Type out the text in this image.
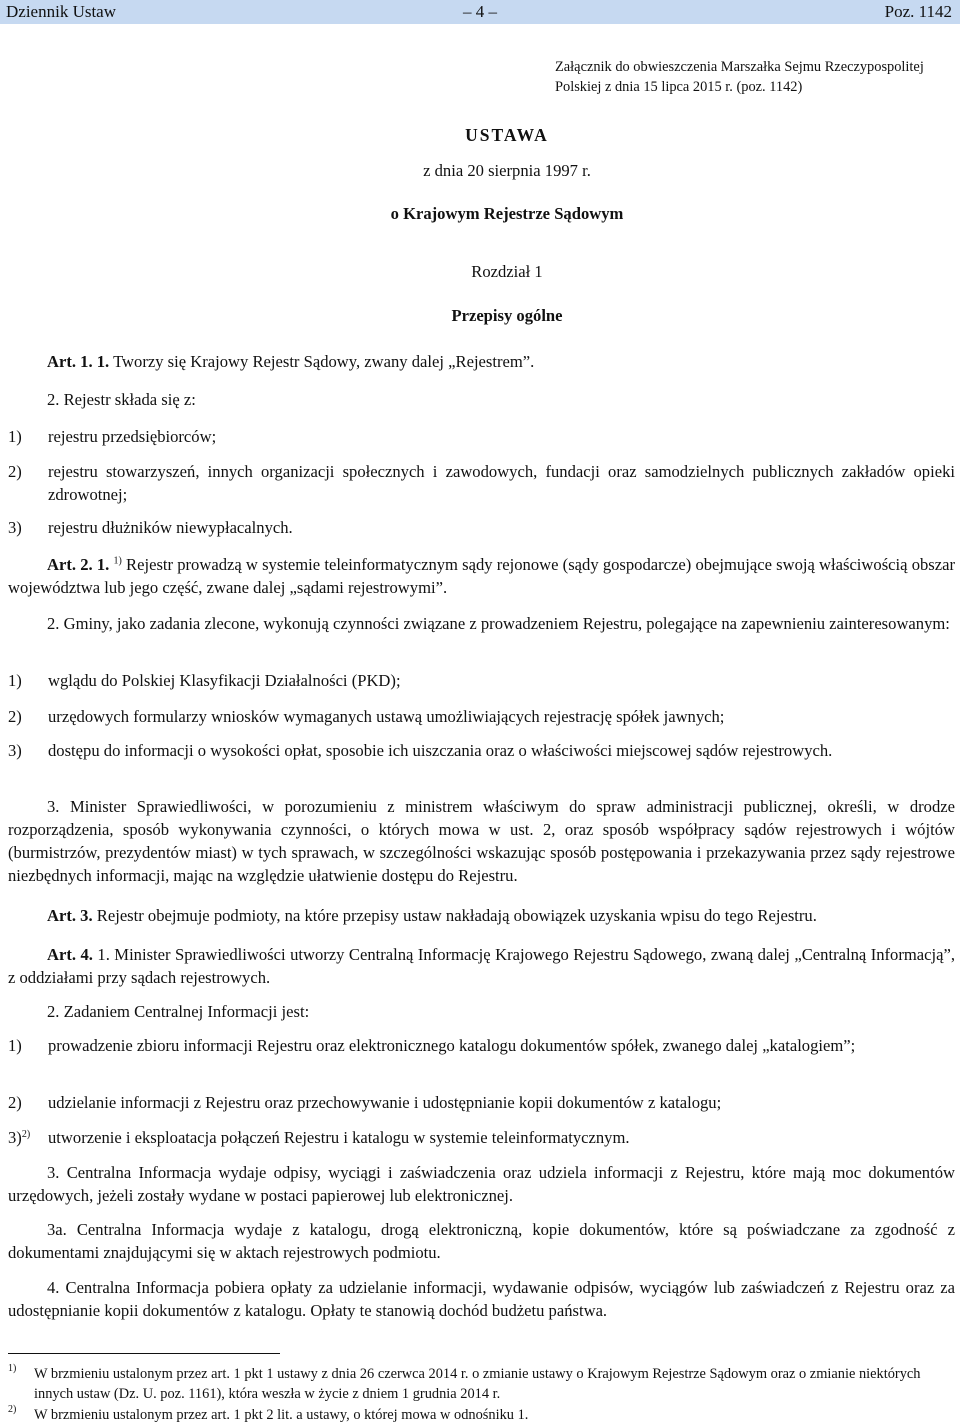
Dziennik Ustaw	– 4 –	Poz. 1142
Załącznik do obwieszczenia Marszałka Sejmu Rzeczypospolitej Polskiej z dnia 15 lipca 2015 r. (poz. 1142)
USTAWA
z dnia 20 sierpnia 1997 r.
o Krajowym Rejestrze Sądowym
Rozdział 1
Przepisy ogólne
Art. 1. 1. Tworzy się Krajowy Rejestr Sądowy, zwany dalej „Rejestrem”.
2. Rejestr składa się z:
1) rejestru przedsiębiorców;
2) rejestru stowarzyszeń, innych organizacji społecznych i zawodowych, fundacji oraz samodzielnych publicznych zakładów opieki zdrowotnej;
3) rejestru dłużników niewypłacalnych.
Art. 2. 1. $^{1)}$ Rejestr prowadzą w systemie teleinformatycznym sądy rejonowe (sądy gospodarcze) obejmujące swoją właściwością obszar województwa lub jego część, zwane dalej „sądami rejestrowymi”.
2. Gminy, jako zadania zlecone, wykonują czynności związane z prowadzeniem Rejestru, polegające na zapewnieniu zainteresowanym:
1) wglądu do Polskiej Klasyfikacji Działalności (PKD);
2) urzędowych formularzy wniosków wymaganych ustawą umożliwiających rejestrację spółek jawnych;
3) dostępu do informacji o wysokości opłat, sposobie ich uiszczania oraz o właściwości miejscowej sądów rejestrowych.
3. Minister Sprawiedliwości, w porozumieniu z ministrem właściwym do spraw administracji publicznej, określi, w drodze rozporządzenia, sposób wykonywania czynności, o których mowa w ust. 2, oraz sposób współpracy sądów rejestrowych i wójtów (burmistrzów, prezydentów miast) w tych sprawach, w szczególności wskazując sposób postępowania i przekazywania przez sądy rejestrowe niezbędnych informacji, mając na względzie ułatwienie dostępu do Rejestru.
Art. 3. Rejestr obejmuje podmioty, na które przepisy ustaw nakładają obowiązek uzyskania wpisu do tego Rejestru.
Art. 4. 1. Minister Sprawiedliwości utworzy Centralną Informację Krajowego Rejestru Sądowego, zwaną dalej „Centralną Informacją”, z oddziałami przy sądach rejestrowych.
2. Zadaniem Centralnej Informacji jest:
1) prowadzenie zbioru informacji Rejestru oraz elektronicznego katalogu dokumentów spółek, zwanego dalej „katalogiem”;
2) udzielanie informacji z Rejestru oraz przechowywanie i udostępnianie kopii dokumentów z katalogu;
3)$^{2)}$ utworzenie i eksploatacja połączeń Rejestru i katalogu w systemie teleinformatycznym.
3. Centralna Informacja wydaje odpisy, wyciągi i zaświadczenia oraz udziela informacji z Rejestru, które mają moc dokumentów urzędowych, jeżeli zostały wydane w postaci papierowej lub elektronicznej.
3a. Centralna Informacja wydaje z katalogu, drogą elektroniczną, kopie dokumentów, które są poświadczane za zgodność z dokumentami znajdującymi się w aktach rejestrowych podmiotu.
4. Centralna Informacja pobiera opłaty za udzielanie informacji, wydawanie odpisów, wyciągów lub zaświadczeń z Rejestru oraz za udostępnianie kopii dokumentów z katalogu. Opłaty te stanowią dochód budżetu państwa.
1) W brzmieniu ustalonym przez art. 1 pkt 1 ustawy z dnia 26 czerwca 2014 r. o zmianie ustawy o Krajowym Rejestrze Sądowym oraz o zmianie niektórych innych ustaw (Dz. U. poz. 1161), która weszła w życie z dniem 1 grudnia 2014 r.
2) W brzmieniu ustalonym przez art. 1 pkt 2 lit. a ustawy, o której mowa w odnośniku 1.
